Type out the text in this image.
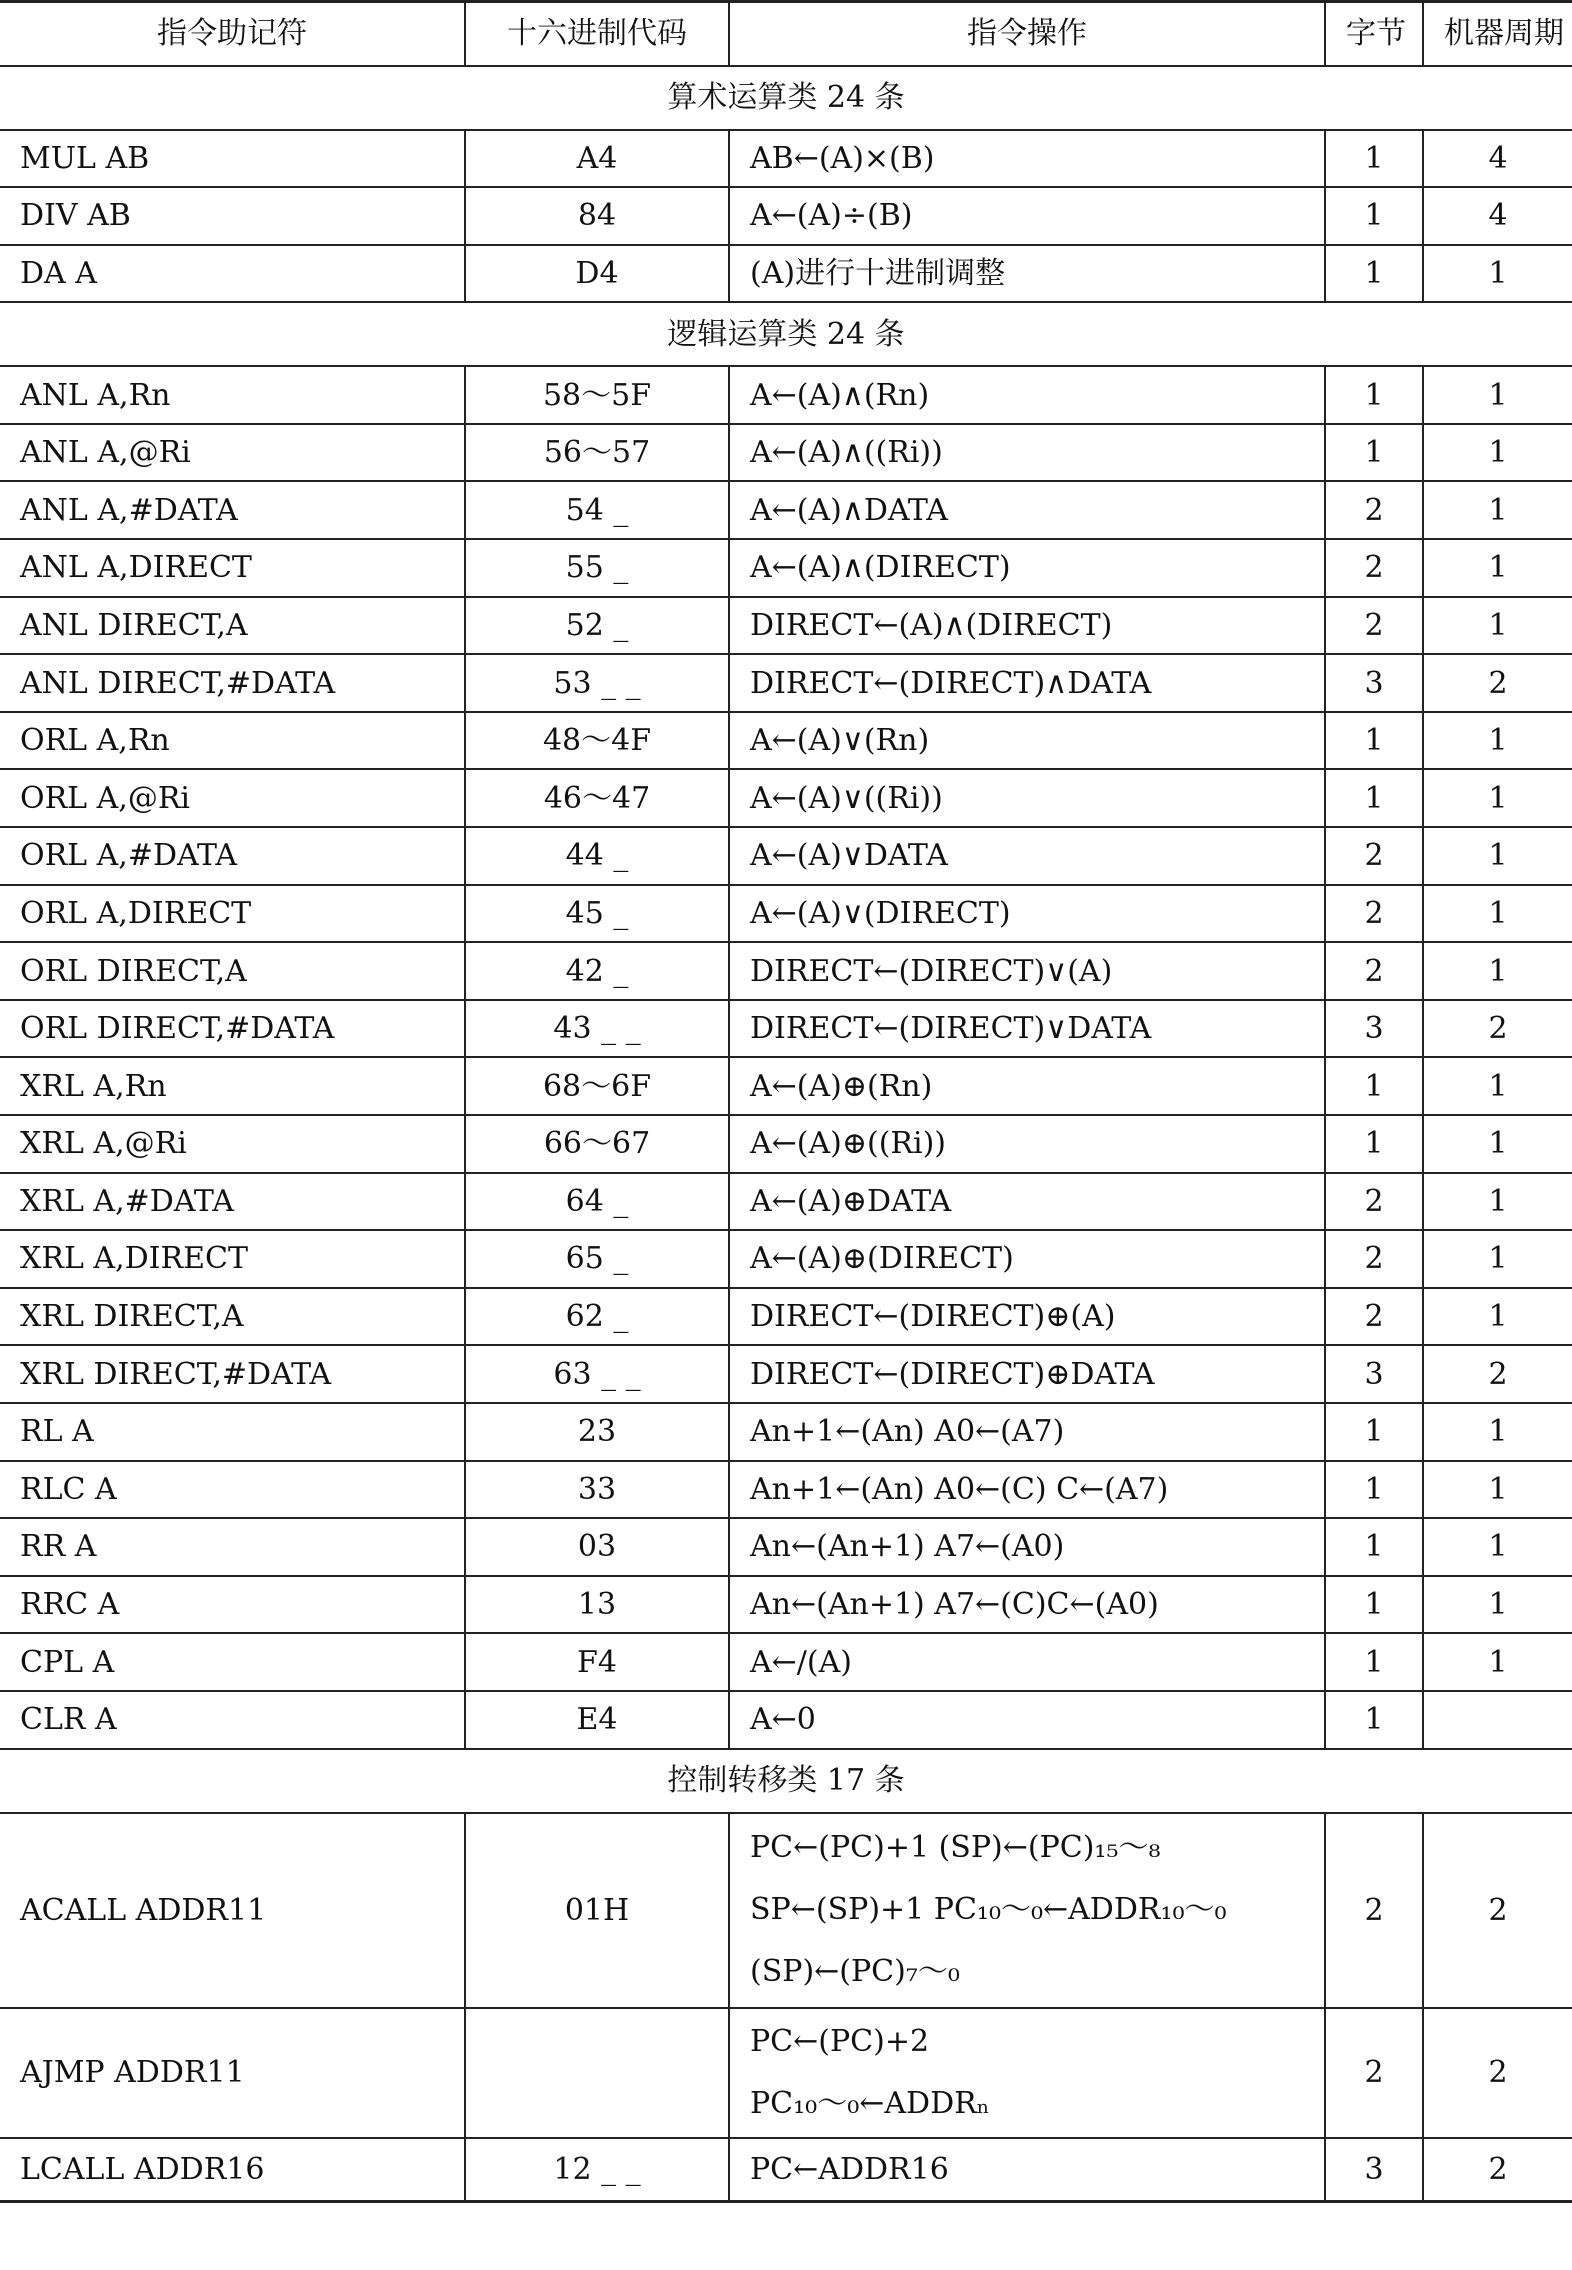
指令助记符	十六进制代码	指令操作	字节	机器周期
算术运算类 24 条				
MUL AB	A4	AB←(A)×(B)	1	4
DIV AB	84	A←(A)÷(B)	1	4
DA A	D4	(A)进行十进制调整	1	1
逻辑运算类 24 条				
ANL A,Rn	58～5F	A←(A)∧(Rn)	1	1
ANL A,@Ri	56～57	A←(A)∧((Ri))	1	1
ANL A,#DATA	54 _	A←(A)∧DATA	2	1
ANL A,DIRECT	55 _	A←(A)∧(DIRECT)	2	1
ANL DIRECT,A	52 _	DIRECT←(A)∧(DIRECT)	2	1
ANL DIRECT,#DATA	53 _ _	DIRECT←(DIRECT)∧DATA	3	2
ORL A,Rn	48～4F	A←(A)∨(Rn)	1	1
ORL A,@Ri	46～47	A←(A)∨((Ri))	1	1
ORL A,#DATA	44 _	A←(A)∨DATA	2	1
ORL A,DIRECT	45 _	A←(A)∨(DIRECT)	2	1
ORL DIRECT,A	42 _	DIRECT←(DIRECT)∨(A)	2	1
ORL DIRECT,#DATA	43 _ _	DIRECT←(DIRECT)∨DATA	3	2
XRL A,Rn	68～6F	A←(A)⊕(Rn)	1	1
XRL A,@Ri	66～67	A←(A)⊕((Ri))	1	1
XRL A,#DATA	64 _	A←(A)⊕DATA	2	1
XRL A,DIRECT	65 _	A←(A)⊕(DIRECT)	2	1
XRL DIRECT,A	62 _	DIRECT←(DIRECT)⊕(A)	2	1
XRL DIRECT,#DATA	63 _ _	DIRECT←(DIRECT)⊕DATA	3	2
RL A	23	An+1←(An) A0←(A7)	1	1
RLC A	33	An+1←(An) A0←(C) C←(A7)	1	1
RR A	03	An←(An+1) A7←(A0)	1	1
RRC A	13	An←(An+1) A7←(C)C←(A0)	1	1
CPL A	F4	A←/(A)	1	1
CLR A	E4	A←0	1	
控制转移类 17 条				
ACALL ADDR11	01H	PC←(PC)+1 (SP)←(PC)₁₅～₈
SP←(SP)+1 PC₁₀～₀←ADDR₁₀～₀
(SP)←(PC)₇～₀	2	2
AJMP ADDR11		PC←(PC)+2
PC₁₀～₀←ADDRₙ	2	2
LCALL ADDR16	12 _ _	PC←ADDR16	3	2
